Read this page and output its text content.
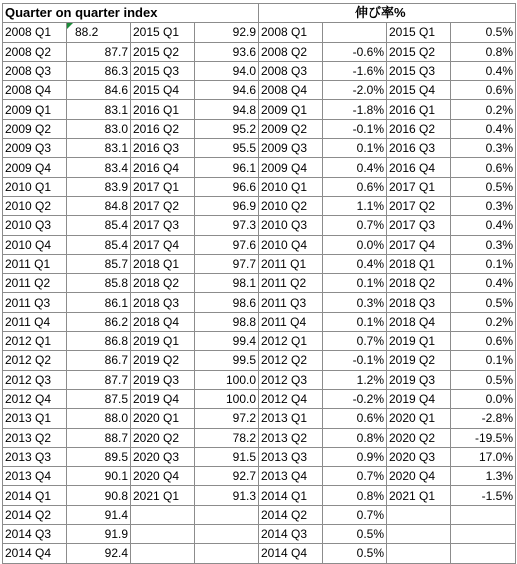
Quarter on quarter index				伸び率%			
2008 Q1	88.2	2015 Q1	92.9	2008 Q1		2015 Q1	0.5%
2008 Q2	87.7	2015 Q2	93.6	2008 Q2	-0.6%	2015 Q2	0.8%
2008 Q3	86.3	2015 Q3	94.0	2008 Q3	-1.6%	2015 Q3	0.4%
2008 Q4	84.6	2015 Q4	94.6	2008 Q4	-2.0%	2015 Q4	0.6%
2009 Q1	83.1	2016 Q1	94.8	2009 Q1	-1.8%	2016 Q1	0.2%
2009 Q2	83.0	2016 Q2	95.2	2009 Q2	-0.1%	2016 Q2	0.4%
2009 Q3	83.1	2016 Q3	95.5	2009 Q3	0.1%	2016 Q3	0.3%
2009 Q4	83.4	2016 Q4	96.1	2009 Q4	0.4%	2016 Q4	0.6%
2010 Q1	83.9	2017 Q1	96.6	2010 Q1	0.6%	2017 Q1	0.5%
2010 Q2	84.8	2017 Q2	96.9	2010 Q2	1.1%	2017 Q2	0.3%
2010 Q3	85.4	2017 Q3	97.3	2010 Q3	0.7%	2017 Q3	0.4%
2010 Q4	85.4	2017 Q4	97.6	2010 Q4	0.0%	2017 Q4	0.3%
2011 Q1	85.7	2018 Q1	97.7	2011 Q1	0.4%	2018 Q1	0.1%
2011 Q2	85.8	2018 Q2	98.1	2011 Q2	0.1%	2018 Q2	0.4%
2011 Q3	86.1	2018 Q3	98.6	2011 Q3	0.3%	2018 Q3	0.5%
2011 Q4	86.2	2018 Q4	98.8	2011 Q4	0.1%	2018 Q4	0.2%
2012 Q1	86.8	2019 Q1	99.4	2012 Q1	0.7%	2019 Q1	0.6%
2012 Q2	86.7	2019 Q2	99.5	2012 Q2	-0.1%	2019 Q2	0.1%
2012 Q3	87.7	2019 Q3	100.0	2012 Q3	1.2%	2019 Q3	0.5%
2012 Q4	87.5	2019 Q4	100.0	2012 Q4	-0.2%	2019 Q4	0.0%
2013 Q1	88.0	2020 Q1	97.2	2013 Q1	0.6%	2020 Q1	-2.8%
2013 Q2	88.7	2020 Q2	78.2	2013 Q2	0.8%	2020 Q2	-19.5%
2013 Q3	89.5	2020 Q3	91.5	2013 Q3	0.9%	2020 Q3	17.0%
2013 Q4	90.1	2020 Q4	92.7	2013 Q4	0.7%	2020 Q4	1.3%
2014 Q1	90.8	2021 Q1	91.3	2014 Q1	0.8%	2021 Q1	-1.5%
2014 Q2	91.4			2014 Q2	0.7%		
2014 Q3	91.9			2014 Q3	0.5%		
2014 Q4	92.4			2014 Q4	0.5%		
